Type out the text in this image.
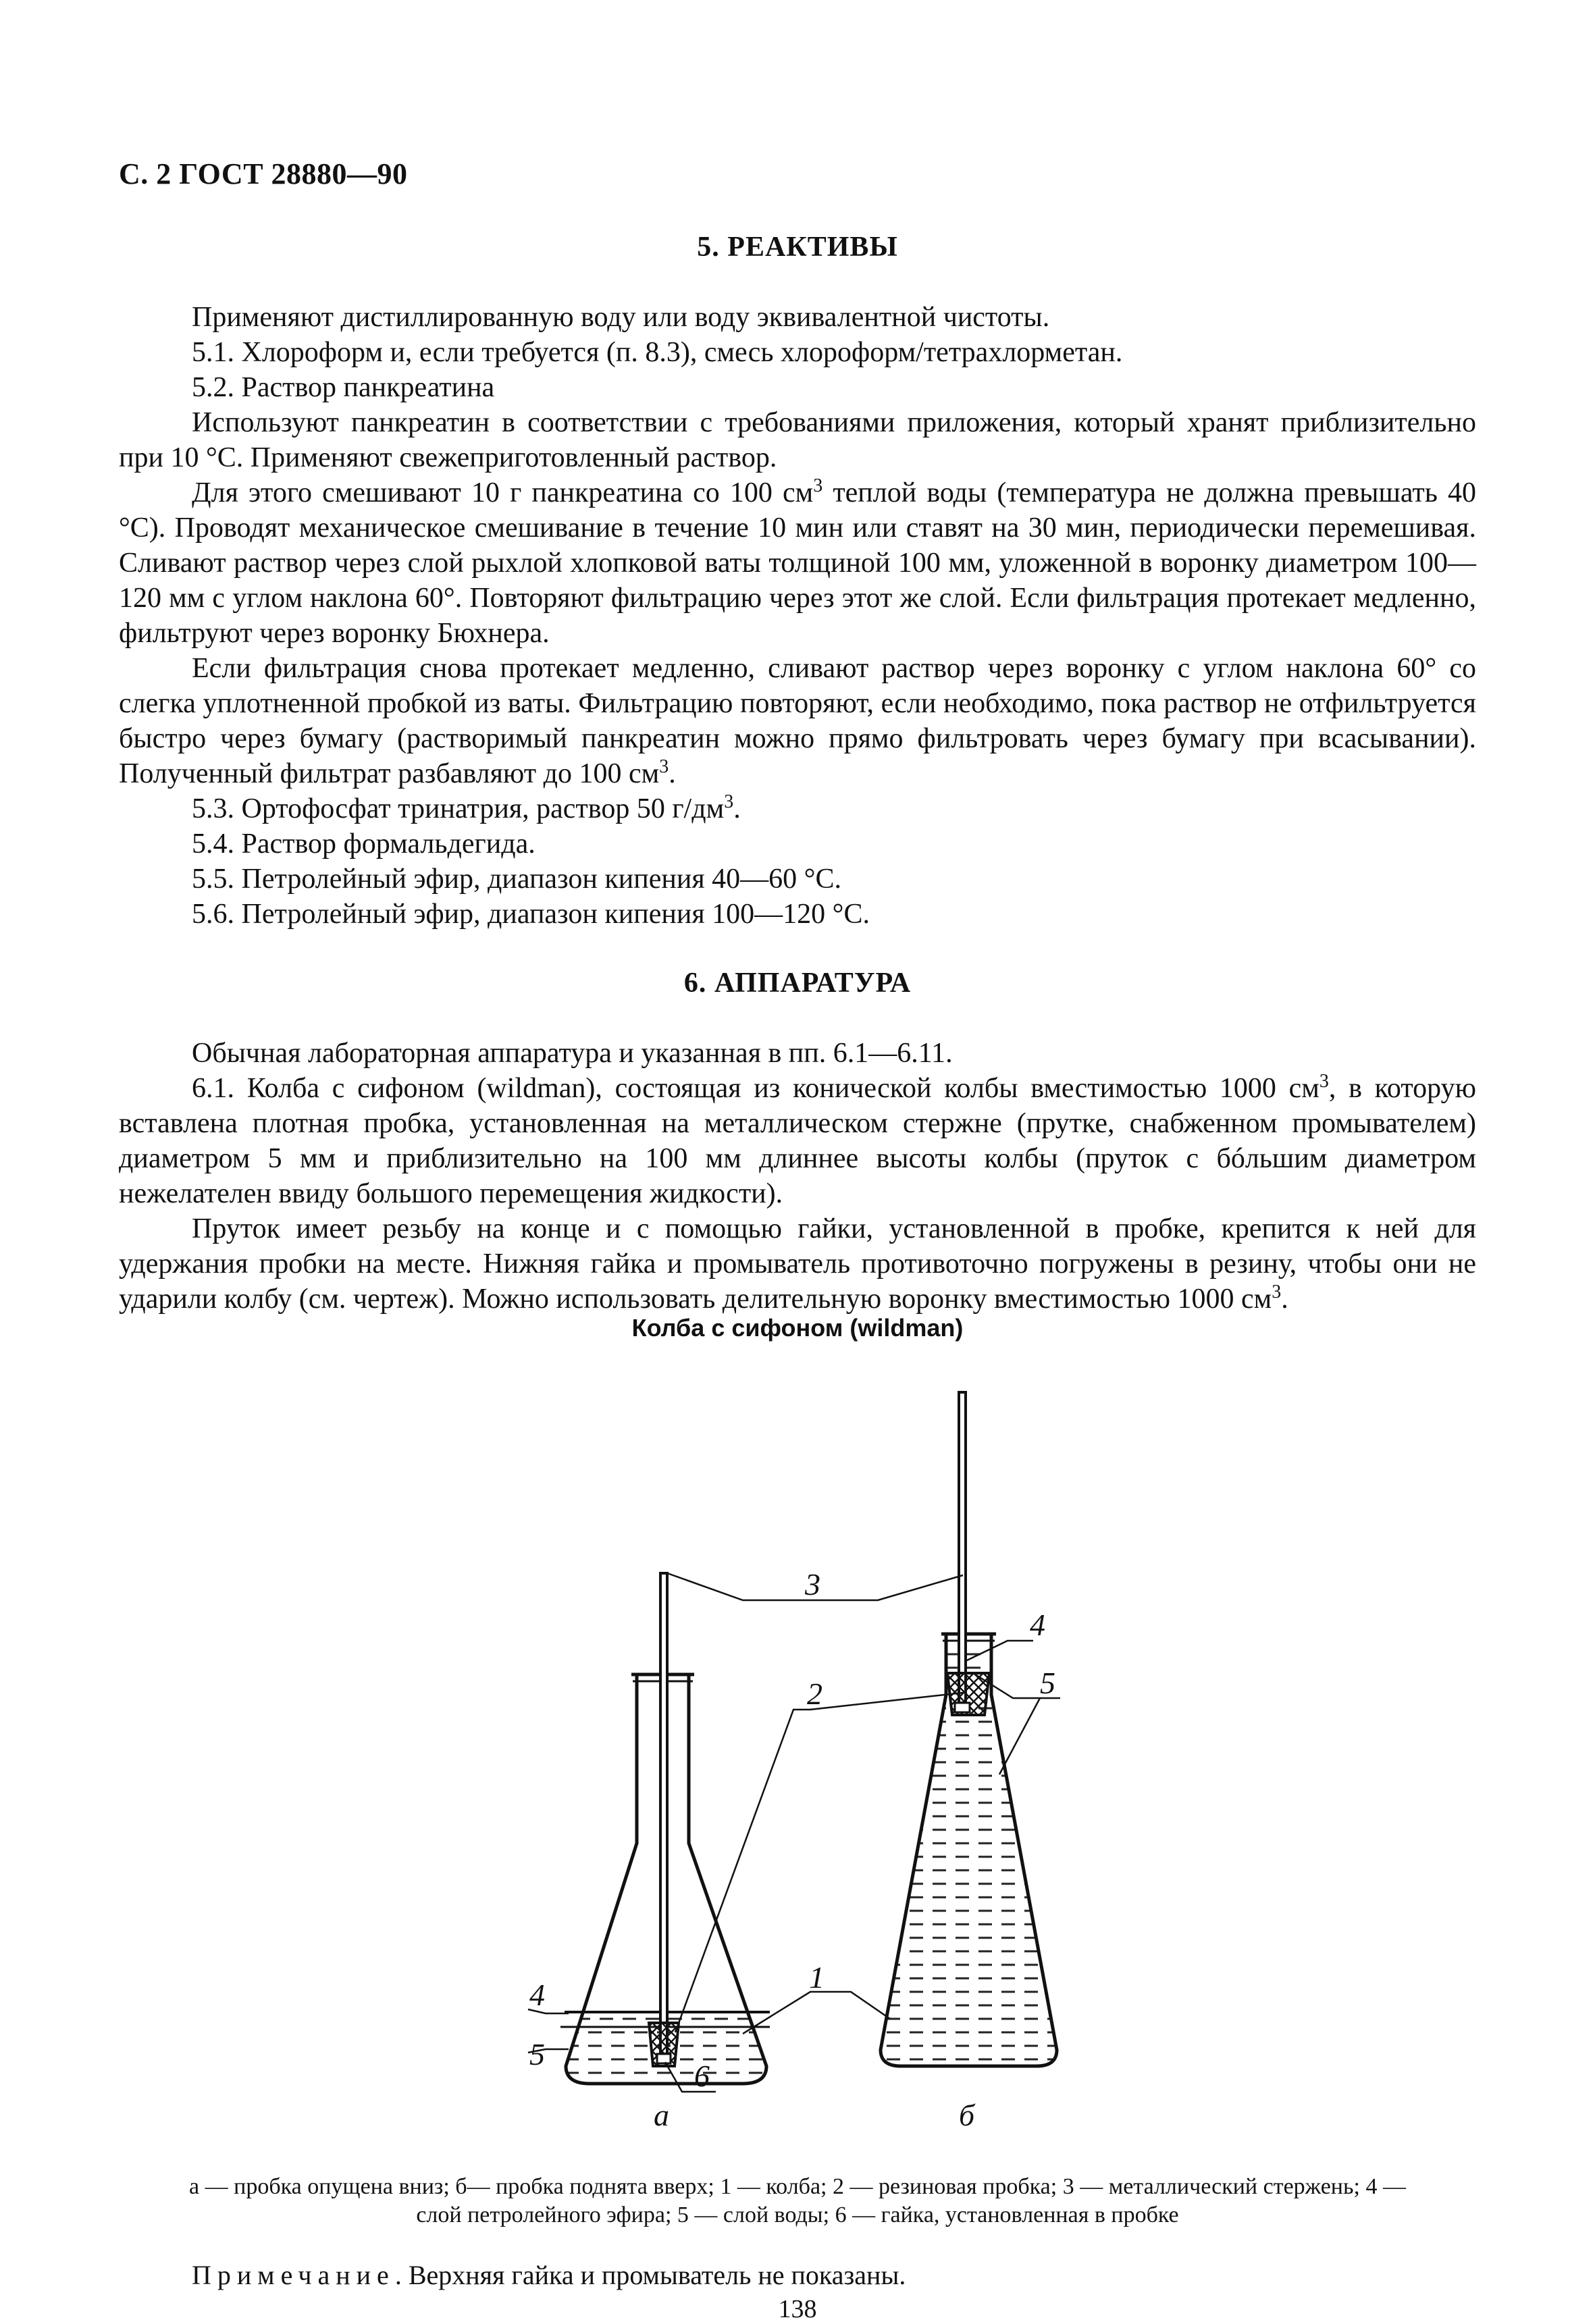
С. 2 ГОСТ 28880—90
5. РЕАКТИВЫ

Применяют дистиллированную воду или воду эквивалентной чистоты.

5.1. Хлороформ и, если требуется (п. 8.3), смесь хлороформ/тетрахлорметан.

5.2. Раствор панкреатина

Используют панкреатин в соответствии с требованиями приложения, который хранят приблизительно при 10 °С. Применяют свежеприготовленный раствор.

Для этого смешивают 10 г панкреатина со 100 $см^3$ теплой воды (температура не должна превышать 40 °С). Проводят механическое смешивание в течение 10 мин или ставят на 30 мин, периодически перемешивая. Сливают раствор через слой рыхлой хлопковой ваты толщиной 100 мм, уложенной в воронку диаметром 100—120 мм с углом наклона 60°. Повторяют фильтрацию через этот же слой. Если фильтрация протекает медленно, фильтруют через воронку Бюхнера.

Если фильтрация снова протекает медленно, сливают раствор через воронку с углом наклона 60° со слегка уплотненной пробкой из ваты. Фильтрацию повторяют, если необходимо, пока раствор не отфильтруется быстро через бумагу (растворимый панкреатин можно прямо фильтровать через бумагу при всасывании). Полученный фильтрат разбавляют до 100 $см^3$.

5.3. Ортофосфат тринатрия, раствор 50 $г/дм^3$.

5.4. Раствор формальдегида.

5.5. Петролейный эфир, диапазон кипения 40—60 °С.

5.6. Петролейный эфир, диапазон кипения 100—120 °С.

6. АППАРАТУРА

Обычная лабораторная аппаратура и указанная в пп. 6.1—6.11.

6.1. Колба с сифоном (wildman), состоящая из конической колбы вместимостью 1000 $см^3$, в которую вставлена плотная пробка, установленная на металлическом стержне (прутке, снабженном промывателем) диаметром 5 мм и приблизительно на 100 мм длиннее высоты колбы (пруток с бóльшим диаметром нежелателен ввиду большого перемещения жидкости).

Пруток имеет резьбу на конце и с помощью гайки, установленной в пробке, крепится к ней для удержания пробки на месте. Нижняя гайка и промыватель противоточно погружены в резину, чтобы они не ударили колбу (см. чертеж). Можно использовать делительную воронку вместимостью 1000 $см^3$.

Колба с сифоном (wildman)
3
4
2	5
1
4
5
6
а	б
а — пробка опущена вниз; б— пробка поднята вверх; 1 — колба; 2 — резиновая пробка; 3 — металлический стержень; 4 —
слой петролейного эфира; 5 — слой воды; 6 — гайка, установленная в пробке
Примечание. Верхняя гайка и промыватель не показаны.
138
